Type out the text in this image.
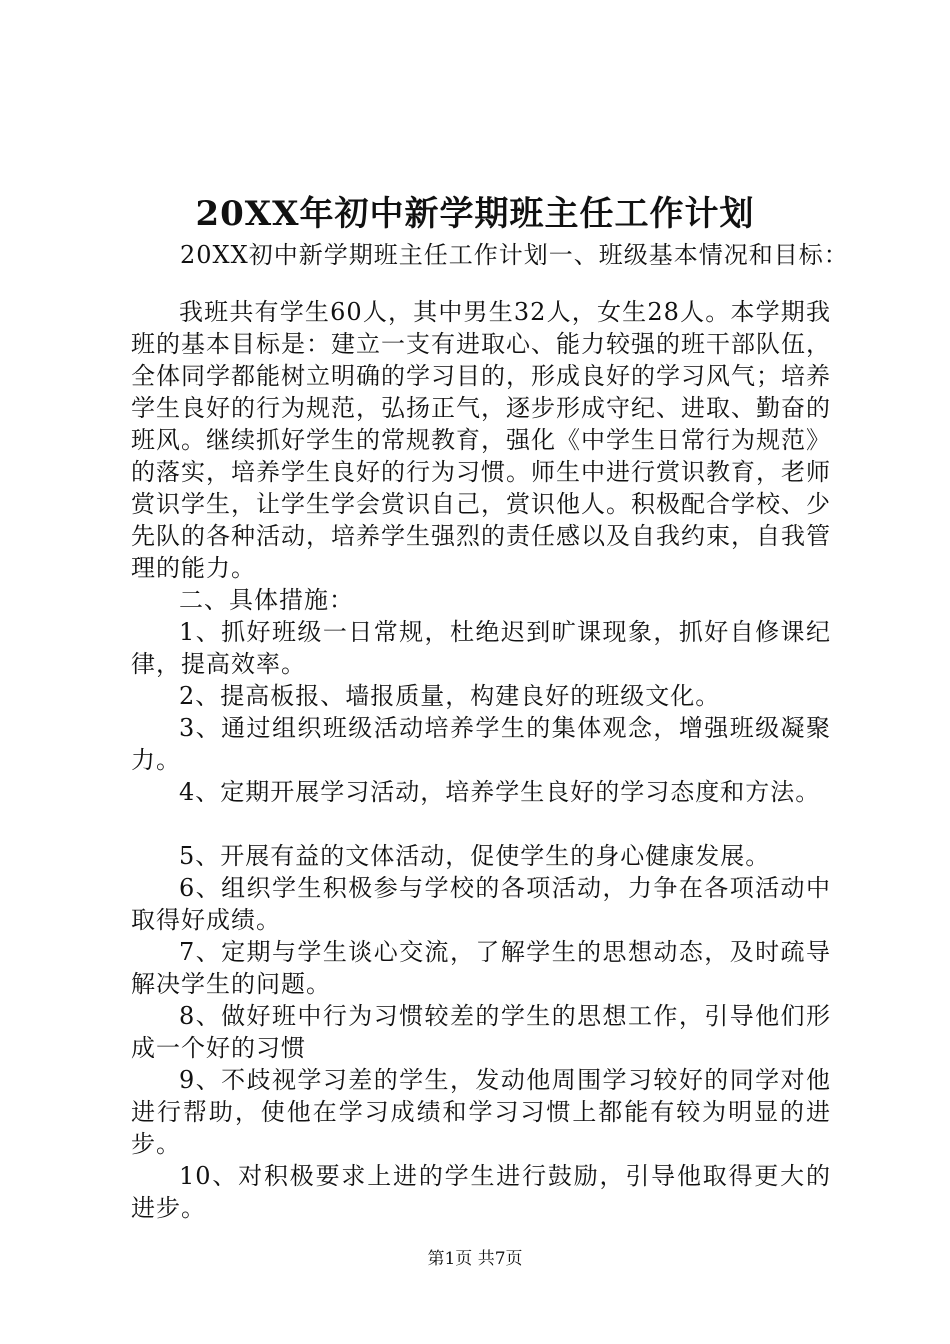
20XX年初中新学期班主任工作计划
20XX初中新学期班主任工作计划一、班级基本情况和目标：

我班共有学生60人，其中男生32人，女生28人。本学期我班的基本目标是：建立一支有进取心、能力较强的班干部队伍，全体同学都能树立明确的学习目的，形成良好的学习风气；培养学生良好的行为规范，弘扬正气，逐步形成守纪、进取、勤奋的班风。继续抓好学生的常规教育，强化《中学生日常行为规范》的落实，培养学生良好的行为习惯。师生中进行赏识教育，老师赏识学生，让学生学会赏识自己，赏识他人。积极配合学校、少先队的各种活动，培养学生强烈的责任感以及自我约束，自我管理的能力。

二、具体措施：

1、抓好班级一日常规，杜绝迟到旷课现象，抓好自修课纪律，提高效率。

2、提高板报、墙报质量，构建良好的班级文化。

3、通过组织班级活动培养学生的集体观念，增强班级凝聚力。

4、定期开展学习活动，培养学生良好的学习态度和方法。

5、开展有益的文体活动，促使学生的身心健康发展。

6、组织学生积极参与学校的各项活动，力争在各项活动中取得好成绩。

7、定期与学生谈心交流，了解学生的思想动态，及时疏导解决学生的问题。

8、做好班中行为习惯较差的学生的思想工作，引导他们形成一个好的习惯

9、不歧视学习差的学生，发动他周围学习较好的同学对他进行帮助，使他在学习成绩和学习习惯上都能有较为明显的进步。

10、对积极要求上进的学生进行鼓励，引导他取得更大的进步。

第1页 共7页
